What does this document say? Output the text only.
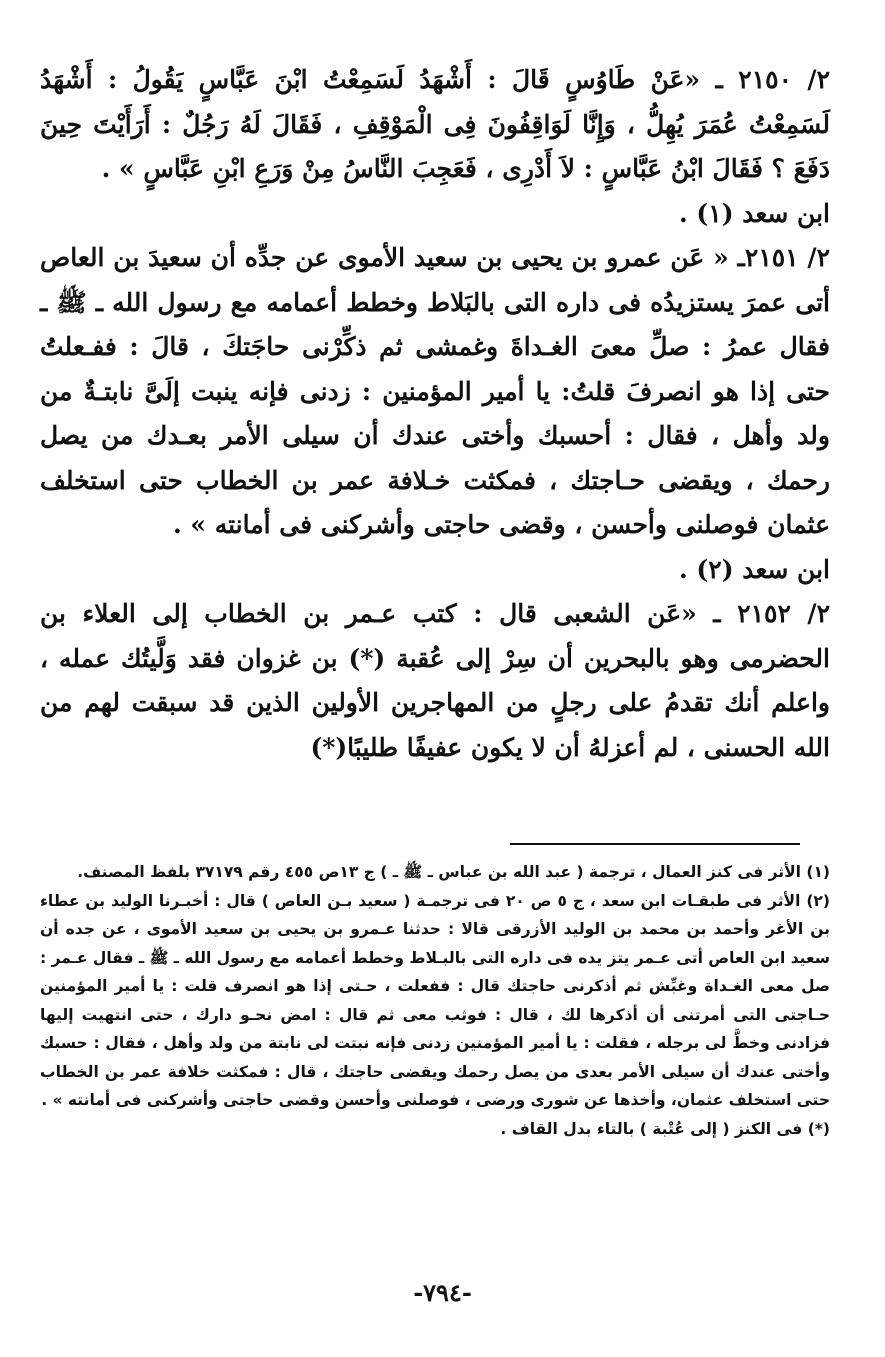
٢/ ٢١٥٠ ـ «عَنْ طَاوُسٍ قَالَ : أَشْهَدُ لَسَمِعْتُ ابْنَ عَبَّاسٍ يَقُولُ : أَشْهَدُ لَسَمِعْتُ عُمَرَ يُهِلُّ ، وَإِنَّا لَوَاقِفُونَ فِى الْمَوْقِفِ ، فَقَالَ لَهُ رَجُلٌ : أَرَأَيْتَ حِينَ دَفَعَ ؟ فَقَالَ ابْنُ عَبَّاسٍ : لاَ أَدْرِى ، فَعَجِبَ النَّاسُ مِنْ وَرَعِ ابْنِ عَبَّاسٍ » .

ابن سعد (١) .

٢/ ٢١٥١ـ « عَن عمرو بن يحيى بن سعيد الأموى عن جدِّه أن سعيدَ بن العاص أتى عمرَ يستزيدُه فى داره التى بالبَلاط وخطط أعمامه مع رسول الله ـ ﷺ ـ فقال عمرُ : صلِّ معىَ الغـداةَ وغمشى ثم ذكِّرْنى حاجَتكَ ، قالَ : ففـعلتُ حتى إذا هو انصرفَ قلتُ: يا أمير المؤمنين : زدنى فإنه ينبت إلَىَّ نابتـةٌ من ولد وأهل ، فقال : أحسبك وأختى عندك أن سيلى الأمر بعـدك من يصل رحمك ، ويقضى حـاجتك ، فمكثت خـلافة عمر بن الخطاب حتى استخلف عثمان فوصلنى وأحسن ، وقضى حاجتى وأشركنى فى أمانته » .

ابن سعد (٢) .

٢/ ٢١٥٢ ـ «عَن الشعبى قال : كتب عـمر بن الخطاب إلى العلاء بن الحضرمى وهو بالبحرين أن سِرْ إلى عُقبة (*) بن غزوان فقد وَلَّيتُك عمله ، واعلم أنك تقدمُ على رجلٍ من المهاجرين الأولين الذين قد سبقت لهم من الله الحسنى ، لم أعزلهُ أن لا يكون عفيفًا طليبًا(*)

(١) الأثر فى كنز العمال ، ترجمة ( عبد الله بن عباس ـ ﷺ ـ ) ج ١٣ص ٤٥٥ رقم ٣٧١٧٩ بلفظ المصنف.

(٢) الأثر فى طبقـات ابن سعد ، ج ٥ ص ٢٠ فى ترجمـة ( سعيد بـن العاص ) قال : أخبـرنا الوليد بن عطاء بن الأغر وأحمد بن محمد بن الوليد الأزرقى قالا : حدثنا عـمرو بن يحيى بن سعيد الأموى ، عن جده أن سعيد ابن العاص أتى عـمر يتز يده فى داره التى بالبـلاط وخطط أعمامه مع رسول الله ـ ﷺ ـ فقال عـمر : صل معى الغـداة وغبِّش ثم أذكرنى حاجتك قال : ففعلت ، حـتى إذا هو انصرف قلت : يا أمير المؤمنين حـاجتى التى أمرتنى أن أذكرها لك ، قال : فوثب معى ثم قال : امض نحـو دارك ، حتى انتهيت إليها فزادنى وخطَّ لى برجله ، فقلت : يا أمير المؤمنين زدنى فإنه نبتت لى نابتة من ولد وأهل ، فقال : حسبك وأختى عندك أن سيلى الأمر بعدى من يصل رحمك ويقضى حاجتك ، قال : فمكثت خلافة عمر بن الخطاب حتى استخلف عثمان، وأخذها عن شورى ورضى ، فوصلنى وأحسن وقضى حاجتى وأشركنى فى أمانته » .

(*) فى الكنز ( إلى عُتْبة ) بالتاء بدل القاف .

-٧٩٤-
